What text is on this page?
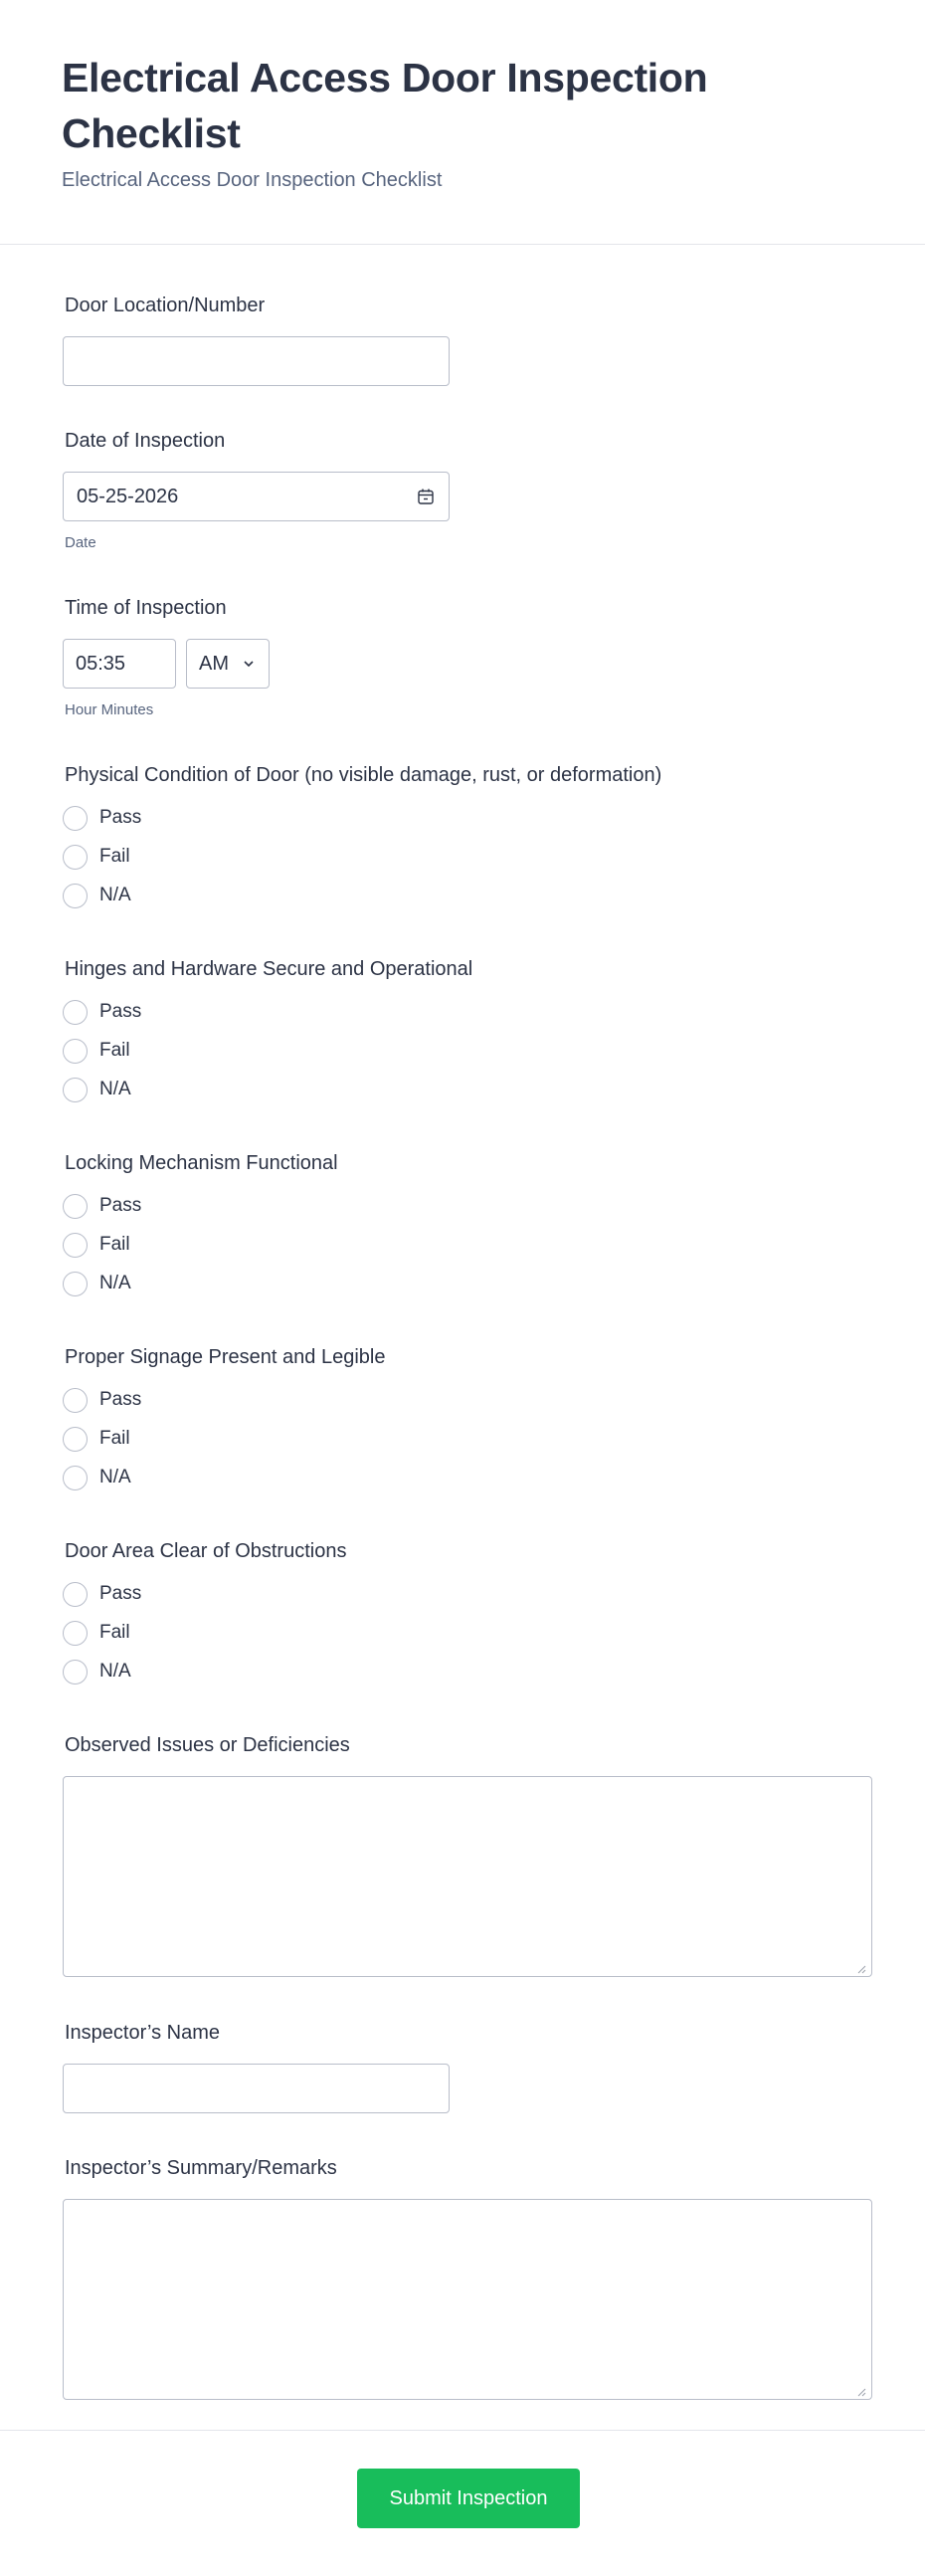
Electrical Access Door Inspection Checklist
Electrical Access Door Inspection Checklist
Door Location/Number
Date of Inspection
05-25-2026
Date
Time of Inspection
05:35	AM
Hour Minutes
Physical Condition of Door (no visible damage, rust, or deformation)
Pass
Fail
N/A
Hinges and Hardware Secure and Operational
Pass
Fail
N/A
Locking Mechanism Functional
Pass
Fail
N/A
Proper Signage Present and Legible
Pass
Fail
N/A
Door Area Clear of Obstructions
Pass
Fail
N/A
Observed Issues or Deficiencies
Inspector’s Name
Inspector’s Summary/Remarks
Submit Inspection
